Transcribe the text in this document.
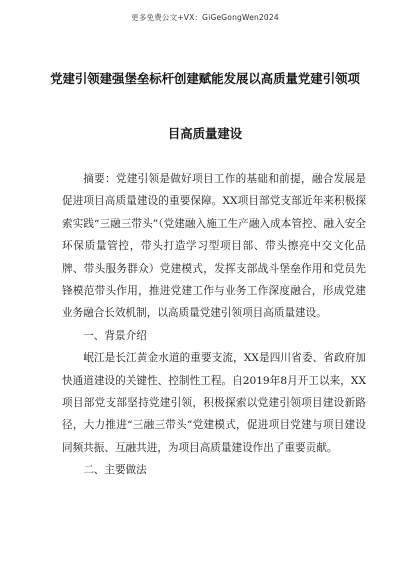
更多免费公文+VX：GiGeGongWen2024
党建引领建强堡垒标杆创建赋能发展以高质量党建引领项
目高质量建设

摘要：党建引领是做好项目工作的基础和前提，融合发展是促进项目高质量建设的重要保障。XX项目部党支部近年来积极探索实践“三融三带头”（党建融入施工生产融入成本管控、融入安全环保质量管控，带头打造学习型项目部、带头擦亮中交文化品牌、带头服务群众）党建模式，发挥支部战斗堡垒作用和党员先锋模范带头作用，推进党建工作与业务工作深度融合，形成党建业务融合长效机制，以高质量党建引领项目高质量建设。

一、背景介绍

岷江是长江黄金水道的重要支流，XX是四川省委、省政府加快通道建设的关键性、控制性工程。自2019年8月开工以来，XX项目部党支部坚持党建引领，积极探索以党建引领项目建设新路径，大力推进“三融三带头”党建模式，促进项目党建与项目建设同频共振、互融共进，为项目高质量建设作出了重要贡献。

二、主要做法
